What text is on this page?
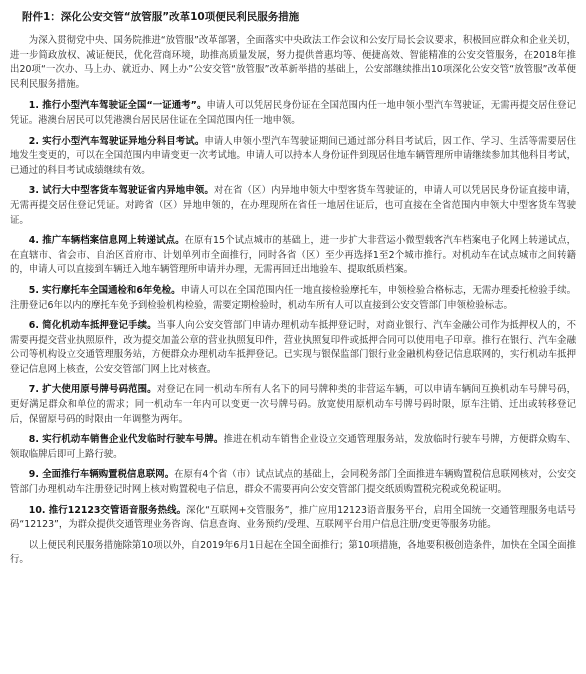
附件1：深化公安交管“放管服”改革10项便民利民服务措施

为深入贯彻党中央、国务院推进“放管服”改革部署，全面落实中央政法工作会议和公安厅局长会议要求，积极回应群众和企业关切，进一步简政放权、减证便民，优化营商环境，助推高质量发展，努力提供普惠均等、便捷高效、智能精准的公安交管服务，在2018年推出20项“一次办、马上办、就近办、网上办”公安交管“放管服”改革新举措的基础上，公安部继续推出10项深化公安交管“放管服”改革便民利民服务措施。

1. 推行小型汽车驾驶证全国“一证通考”。申请人可以凭居民身份证在全国范围内任一地申领小型汽车驾驶证，无需再提交居住登记凭证。港澳台居民可以凭港澳台居民居住证在全国范围内任一地申领。

2. 实行小型汽车驾驶证异地分科目考试。申请人申领小型汽车驾驶证期间已通过部分科目考试后，因工作、学习、生活等需要居住地发生变更的，可以在全国范围内申请变更一次考试地。申请人可以持本人身份证件到现居住地车辆管理所申请继续参加其他科目考试，已通过的科目考试成绩继续有效。

3. 试行大中型客货车驾驶证省内异地申领。对在省（区）内异地申领大中型客货车驾驶证的，申请人可以凭居民身份证直接申请，无需再提交居住登记凭证。对跨省（区）异地申领的，在办理现所在省任一地居住证后，也可直接在全省范围内申领大中型客货车驾驶证。

4. 推广车辆档案信息网上转递试点。在原有15个试点城市的基础上，进一步扩大非营运小微型载客汽车档案电子化网上转递试点，在直辖市、省会市、自治区首府市、计划单列市全面推行，同时各省（区）至少再选择1至2个城市推行。对机动车在试点城市之间转籍的，申请人可以直接到车辆迁入地车辆管理所申请并办理，无需再回迁出地验车、提取纸质档案。

5. 实行摩托车全国通检和6年免检。申请人可以在全国范围内任一地直接检验摩托车，申领检验合格标志，无需办理委托检验手续。注册登记6年以内的摩托车免予到检验机构检验，需要定期检验时，机动车所有人可以直接到公安交管部门申领检验标志。

6. 简化机动车抵押登记手续。当事人向公安交管部门申请办理机动车抵押登记时，对商业银行、汽车金融公司作为抵押权人的，不需要再提交营业执照原件，改为提交加盖公章的营业执照复印件，营业执照复印件或抵押合同可以使用电子印章。推行在银行、汽车金融公司等机构设立交通管理服务站，方便群众办理机动车抵押登记。已实现与银保监部门银行业金融机构登记信息联网的，实行机动车抵押登记信息网上核查，公安交管部门网上比对核查。

7. 扩大使用原号牌号码范围。对登记在同一机动车所有人名下的同号牌种类的非营运车辆，可以申请车辆间互换机动车号牌号码，更好满足群众和单位的需求；同一机动车一年内可以变更一次号牌号码。放宽使用原机动车号牌号码时限，原车注销、迁出或转移登记后，保留原号码的时限由一年调整为两年。

8. 实行机动车销售企业代发临时行驶车号牌。推进在机动车销售企业设立交通管理服务站，发放临时行驶车号牌，方便群众购车、领取临牌后即可上路行驶。

9. 全面推行车辆购置税信息联网。在原有4个省（市）试点试点的基础上，会同税务部门全面推进车辆购置税信息联网核对，公安交管部门办理机动车注册登记时网上核对购置税电子信息，群众不需要再向公安交管部门提交纸质购置税完税或免税证明。

10. 推行12123交管语音服务热线。深化“互联网+交管服务”，推广应用12123语音服务平台，启用全国统一交通管理服务电话号码“12123”，为群众提供交通管理业务咨询、信息查询、业务预约/受理、互联网平台用户信息注册/变更等服务功能。

以上便民利民服务措施除第10项以外，自2019年6月1日起在全国全面推行；第10项措施，各地要积极创造条件，加快在全国全面推行。
